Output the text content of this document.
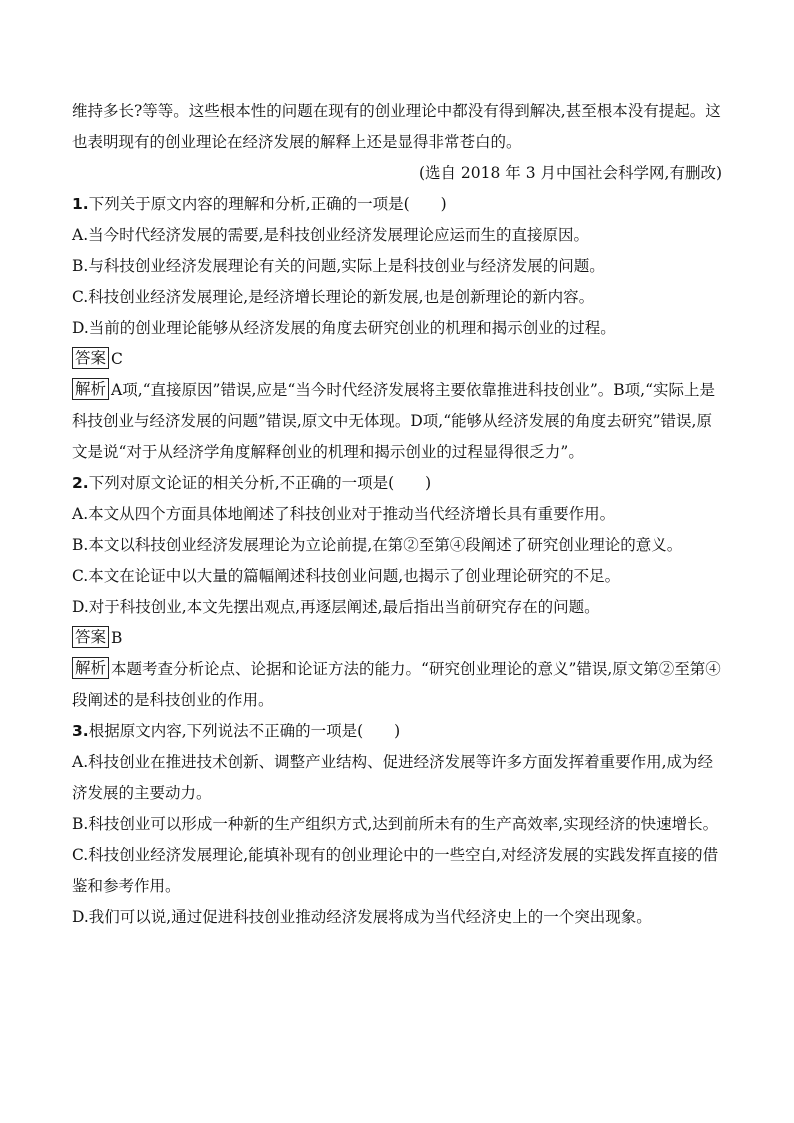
维持多长?等等。这些根本性的问题在现有的创业理论中都没有得到解决,甚至根本没有提起。这也表明现有的创业理论在经济发展的解释上还是显得非常苍白的。

(选自 2018 年 3 月中国社会科学网,有删改)

1.下列关于原文内容的理解和分析,正确的一项是(　　)

A.当今时代经济发展的需要,是科技创业经济发展理论应运而生的直接原因。

B.与科技创业经济发展理论有关的问题,实际上是科技创业与经济发展的问题。

C.科技创业经济发展理论,是经济增长理论的新发展,也是创新理论的新内容。

D.当前的创业理论能够从经济发展的角度去研究创业的机理和揭示创业的过程。

答案 C

解析 A项,“直接原因”错误,应是“当今时代经济发展将主要依靠推进科技创业”。B项,“实际上是科技创业与经济发展的问题”错误,原文中无体现。D项,“能够从经济发展的角度去研究”错误,原文是说“对于从经济学角度解释创业的机理和揭示创业的过程显得很乏力”。

2.下列对原文论证的相关分析,不正确的一项是(　　)

A.本文从四个方面具体地阐述了科技创业对于推动当代经济增长具有重要作用。

B.本文以科技创业经济发展理论为立论前提,在第②至第④段阐述了研究创业理论的意义。

C.本文在论证中以大量的篇幅阐述科技创业问题,也揭示了创业理论研究的不足。

D.对于科技创业,本文先摆出观点,再逐层阐述,最后指出当前研究存在的问题。

答案 B

解析 本题考查分析论点、论据和论证方法的能力。“研究创业理论的意义”错误,原文第②至第④段阐述的是科技创业的作用。

3.根据原文内容,下列说法不正确的一项是(　　)

A.科技创业在推进技术创新、调整产业结构、促进经济发展等许多方面发挥着重要作用,成为经济发展的主要动力。

B.科技创业可以形成一种新的生产组织方式,达到前所未有的生产高效率,实现经济的快速增长。

C.科技创业经济发展理论,能填补现有的创业理论中的一些空白,对经济发展的实践发挥直接的借鉴和参考作用。

D.我们可以说,通过促进科技创业推动经济发展将成为当代经济史上的一个突出现象。
